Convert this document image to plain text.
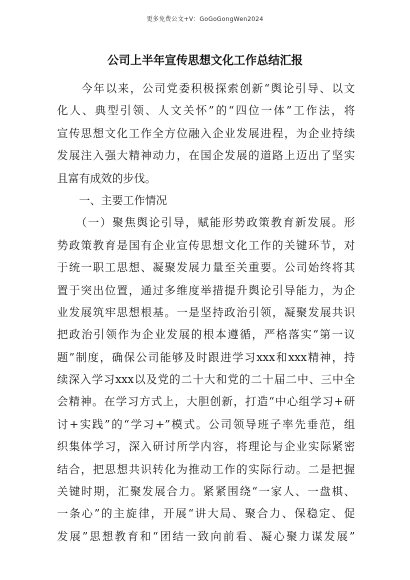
更多免费公文+V：GoGoGongWen2024
公司上半年宣传思想文化工作总结汇报
　　今年以来，公司党委积极探索创新“舆论引导、以文
化人、典型引领、人文关怀”的“四位一体”工作法，将
宣传思想文化工作全方位融入企业发展进程，为企业持续
发展注入强大精神动力，在国企发展的道路上迈出了坚实
且富有成效的步伐。
　　一、主要工作情况
　　（一）聚焦舆论引导，赋能形势政策教育新发展。形
势政策教育是国有企业宣传思想文化工作的关键环节，对
于统一职工思想、凝聚发展力量至关重要。公司始终将其
置于突出位置，通过多维度举措提升舆论引导能力，为企
业发展筑牢思想根基。一是坚持政治引领，凝聚发展共识
把政治引领作为企业发展的根本遵循，严格落实“第一议
题”制度，确保公司能够及时跟进学习xxx和xxx精神，持
续深入学习xxx以及党的二十大和党的二十届二中、三中全
会精神。在学习方式上，大胆创新，打造“中心组学习+研
讨+实践”的“学习+”模式。公司领导班子率先垂范，组
织集体学习，深入研讨所学内容，将理论与企业实际紧密
结合，把思想共识转化为推动工作的实际行动。二是把握
关键时期，汇聚发展合力。紧紧围绕“一家人、一盘棋、
一条心”的主旋律，开展“讲大局、聚合力、保稳定、促
发展”思想教育和“团结一致向前看、凝心聚力谋发展”
